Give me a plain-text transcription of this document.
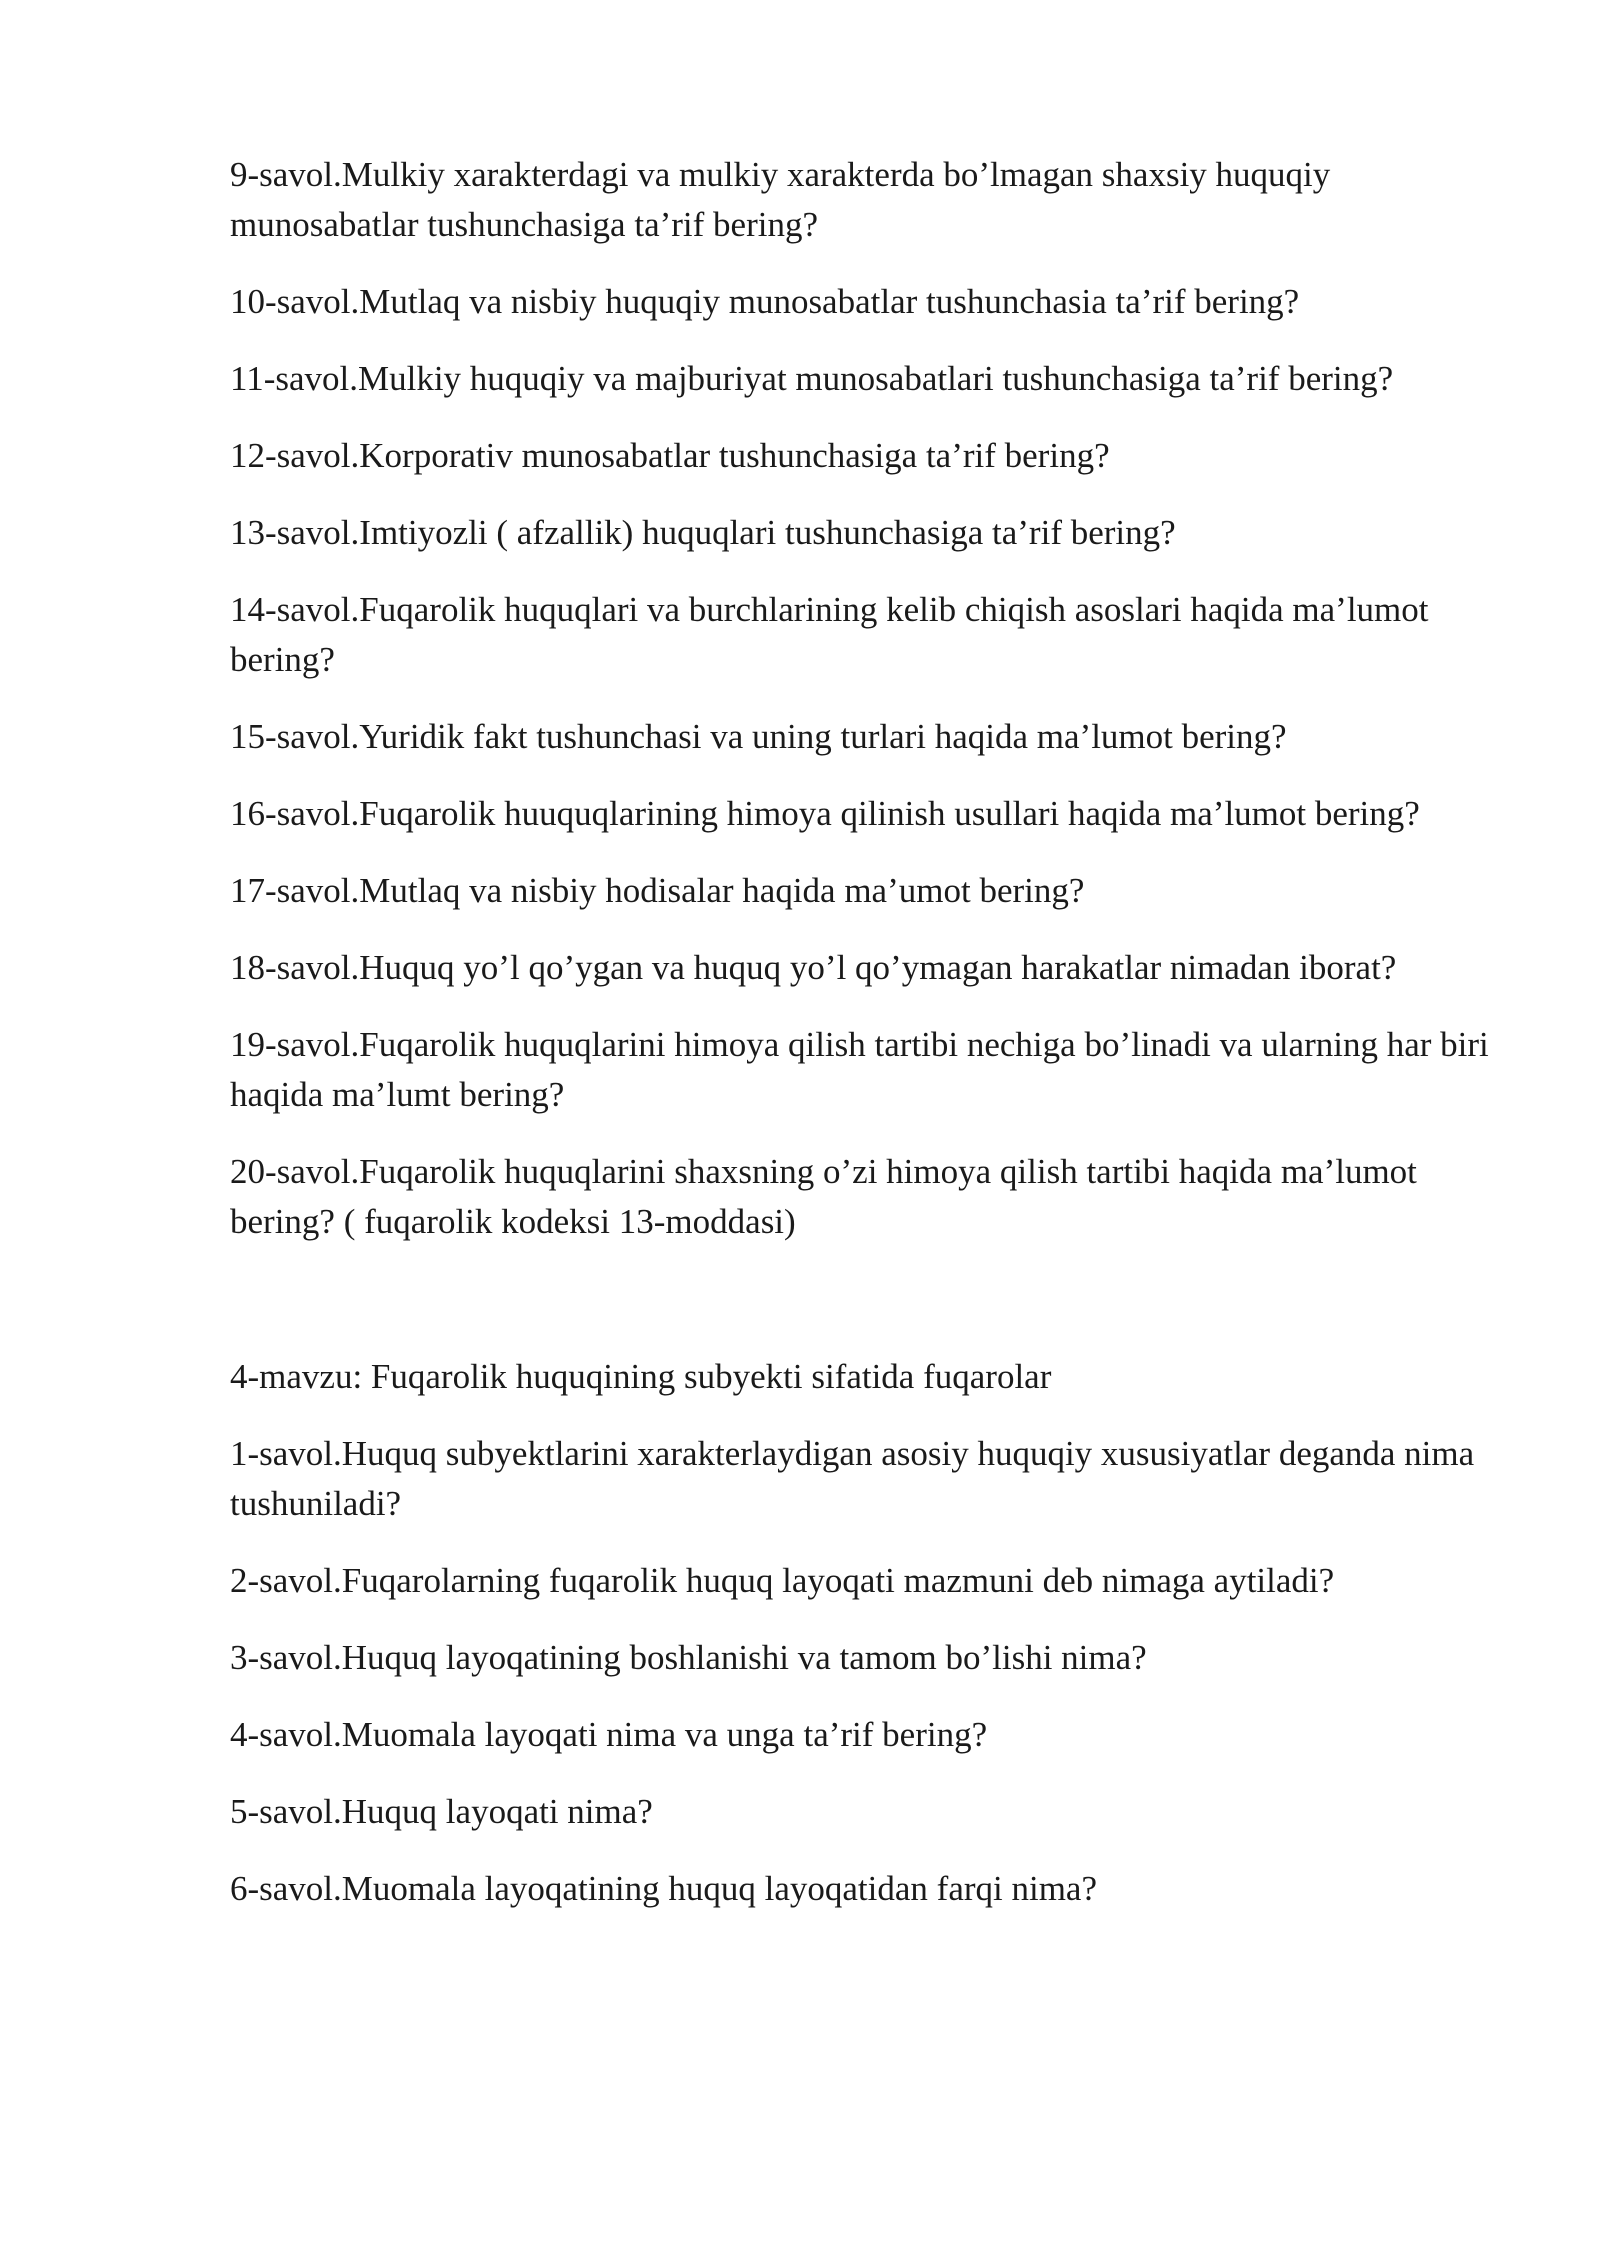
9-savol.Mulkiy xarakterdagi va mulkiy xarakterda bo’lmagan shaxsiy huquqiy munosabatlar tushunchasiga ta’rif bering?

10-savol.Mutlaq va nisbiy huquqiy munosabatlar tushunchasia ta’rif bering?

11-savol.Mulkiy huquqiy va majburiyat munosabatlari tushunchasiga ta’rif bering?

12-savol.Korporativ munosabatlar tushunchasiga ta’rif bering?

13-savol.Imtiyozli ( afzallik) huquqlari tushunchasiga ta’rif bering?

14-savol.Fuqarolik huquqlari va burchlarining kelib chiqish asoslari haqida ma’lumot bering?

15-savol.Yuridik fakt tushunchasi va uning turlari haqida ma’lumot bering?

16-savol.Fuqarolik huuquqlarining himoya qilinish usullari haqida ma’lumot bering?

17-savol.Mutlaq va nisbiy hodisalar haqida ma’umot bering?

18-savol.Huquq yo’l qo’ygan va huquq yo’l qo’ymagan harakatlar nimadan iborat?

19-savol.Fuqarolik huquqlarini himoya qilish tartibi nechiga bo’linadi va ularning har biri haqida ma’lumt bering?

20-savol.Fuqarolik huquqlarini shaxsning o’zi himoya qilish tartibi haqida ma’lumot bering? ( fuqarolik kodeksi 13-moddasi)

4-mavzu: Fuqarolik huquqining subyekti sifatida fuqarolar

1-savol.Huquq subyektlarini xarakterlaydigan asosiy huquqiy xususiyatlar deganda nima tushuniladi?

2-savol.Fuqarolarning fuqarolik huquq layoqati mazmuni deb nimaga aytiladi?

3-savol.Huquq layoqatining boshlanishi va tamom bo’lishi nima?

4-savol.Muomala layoqati nima va unga ta’rif bering?

5-savol.Huquq layoqati nima?

6-savol.Muomala layoqatining huquq layoqatidan farqi nima?
